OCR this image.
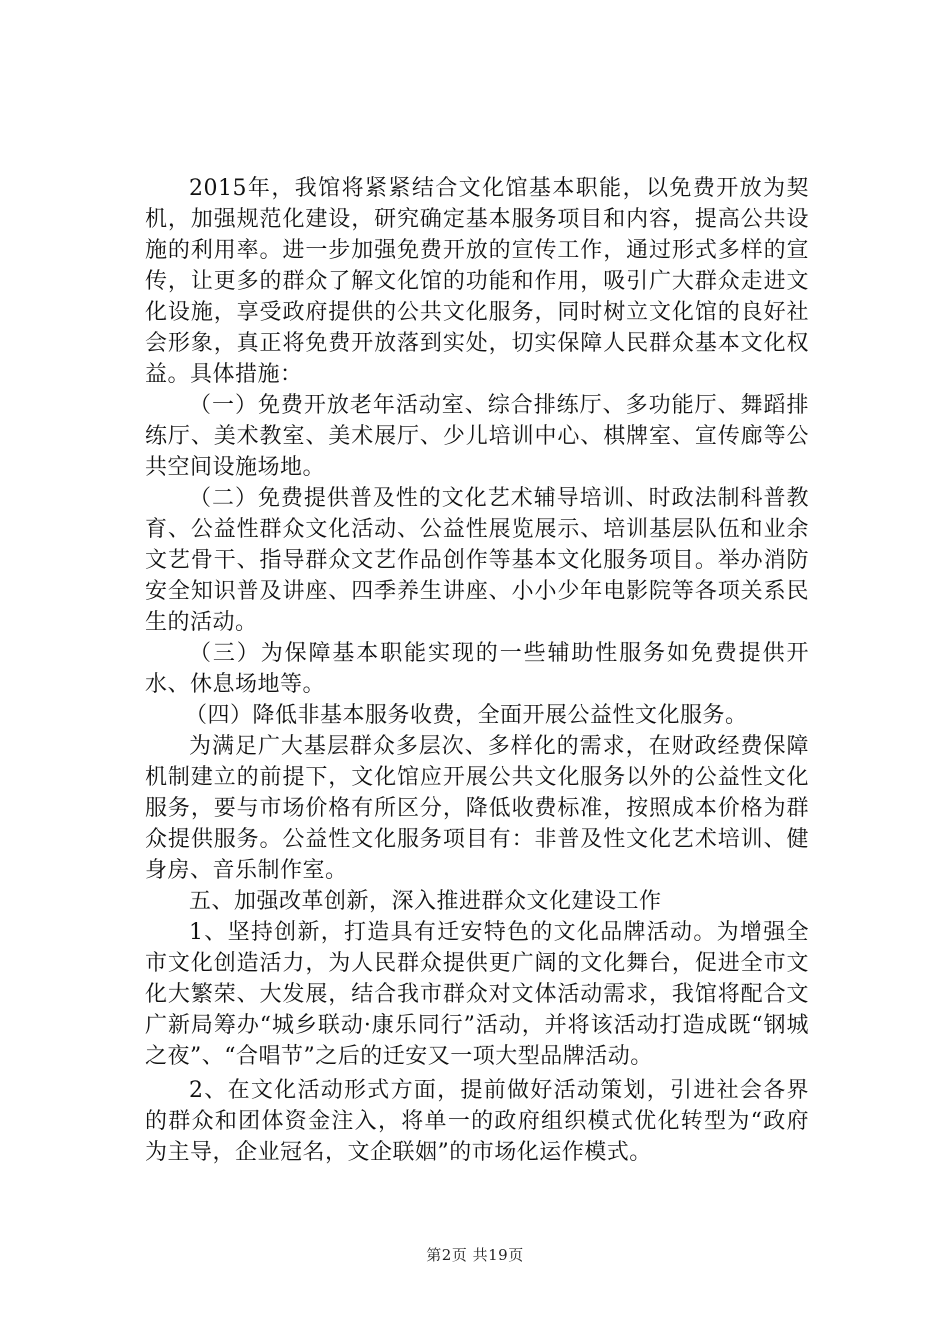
2015年，我馆将紧紧结合文化馆基本职能，以免费开放为契机，加强规范化建设，研究确定基本服务项目和内容，提高公共设施的利用率。进一步加强免费开放的宣传工作，通过形式多样的宣传，让更多的群众了解文化馆的功能和作用，吸引广大群众走进文化设施，享受政府提供的公共文化服务，同时树立文化馆的良好社会形象，真正将免费开放落到实处，切实保障人民群众基本文化权益。具体措施：

（一）免费开放老年活动室、综合排练厅、多功能厅、舞蹈排练厅、美术教室、美术展厅、少儿培训中心、棋牌室、宣传廊等公共空间设施场地。

（二）免费提供普及性的文化艺术辅导培训、时政法制科普教育、公益性群众文化活动、公益性展览展示、培训基层队伍和业余文艺骨干、指导群众文艺作品创作等基本文化服务项目。举办消防安全知识普及讲座、四季养生讲座、小小少年电影院等各项关系民生的活动。

（三）为保障基本职能实现的一些辅助性服务如免费提供开水、休息场地等。

（四）降低非基本服务收费，全面开展公益性文化服务。

为满足广大基层群众多层次、多样化的需求，在财政经费保障机制建立的前提下，文化馆应开展公共文化服务以外的公益性文化服务，要与市场价格有所区分，降低收费标准，按照成本价格为群众提供服务。公益性文化服务项目有：非普及性文化艺术培训、健身房、音乐制作室。

五、加强改革创新，深入推进群众文化建设工作

1、坚持创新，打造具有迁安特色的文化品牌活动。为增强全市文化创造活力，为人民群众提供更广阔的文化舞台，促进全市文化大繁荣、大发展，结合我市群众对文体活动需求，我馆将配合文广新局筹办“城乡联动·康乐同行”活动，并将该活动打造成既“钢城之夜”、“合唱节”之后的迁安又一项大型品牌活动。

2、在文化活动形式方面，提前做好活动策划，引进社会各界的群众和团体资金注入，将单一的政府组织模式优化转型为“政府为主导，企业冠名，文企联姻”的市场化运作模式。

第2页 共19页
